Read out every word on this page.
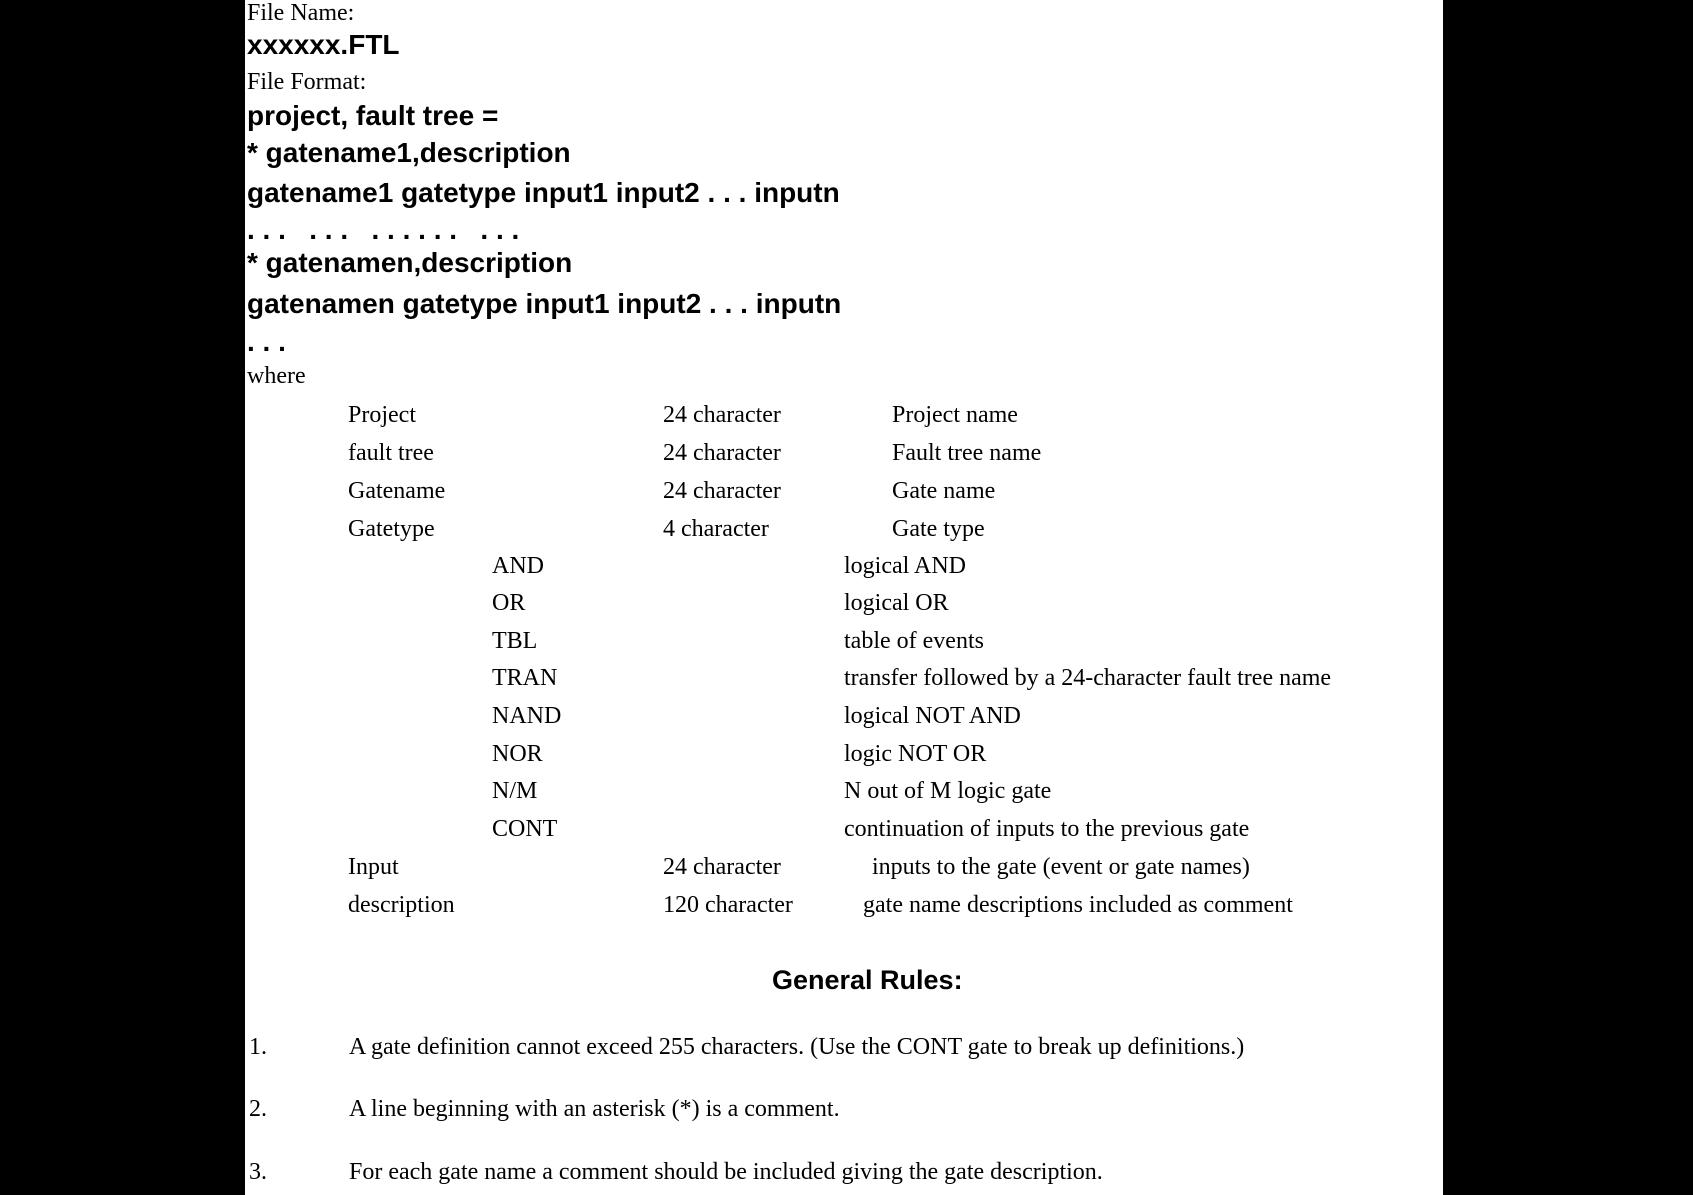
File Name:
xxxxxx.FTL
File Format:
project, fault tree =
* gatename1,description
gatename1 gatetype input1 input2 . . . inputn
. . .   . . .   . . . . . .   . . .
* gatenamen,description
gatenamen gatetype input1 input2 . . . inputn
. . .
where
Project	24 character	Project name
fault tree	24 character	Fault tree name
Gatename	24 character	Gate name
Gatetype	4 character	Gate type
AND	logical AND
OR	logical OR
TBL	table of events
TRAN	transfer followed by a 24-character fault tree name
NAND	logical NOT AND
NOR	logic NOT OR
N/M	N out of M logic gate
CONT	continuation of inputs to the previous gate
Input	24 character	inputs to the gate (event or gate names)
description	120 character	gate name descriptions included as comment
General Rules:
1.	A gate definition cannot exceed 255 characters. (Use the CONT gate to break up definitions.)
2.	A line beginning with an asterisk (*) is a comment.
3.	For each gate name a comment should be included giving the gate description.
